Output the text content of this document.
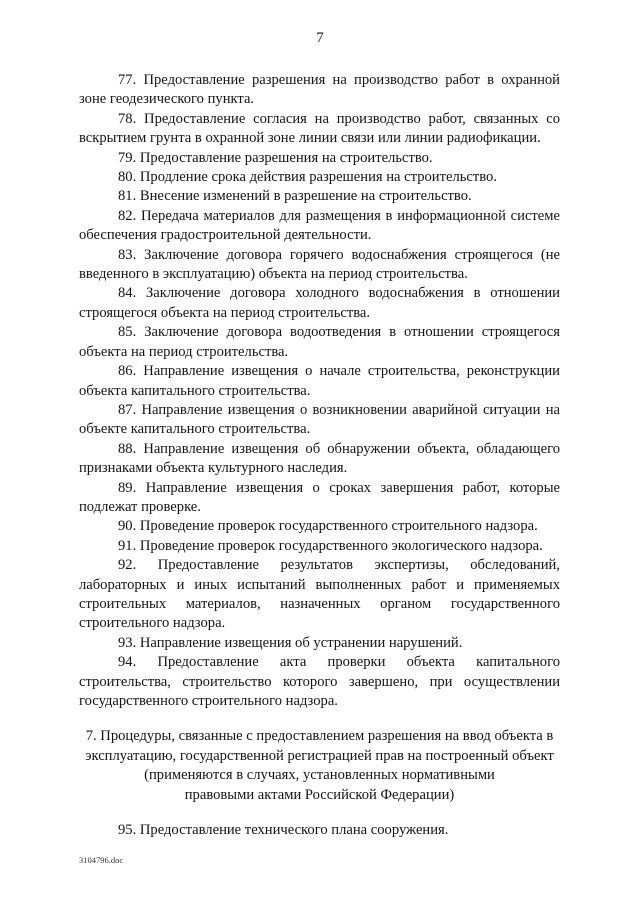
7

77. Предоставление разрешения на производство работ в охранной зоне геодезического пункта.

78. Предоставление согласия на производство работ, связанных со вскрытием грунта в охранной зоне линии связи или линии радиофикации.

79. Предоставление разрешения на строительство.

80. Продление срока действия разрешения на строительство.

81. Внесение изменений в разрешение на строительство.

82. Передача материалов для размещения в информационной системе обеспечения градостроительной деятельности.

83. Заключение договора горячего водоснабжения строящегося (не введенного в эксплуатацию) объекта на период строительства.

84. Заключение договора холодного водоснабжения в отношении строящегося объекта на период строительства.

85. Заключение договора водоотведения в отношении строящегося объекта на период строительства.

86. Направление извещения о начале строительства, реконструкции объекта капитального строительства.

87. Направление извещения о возникновении аварийной ситуации на объекте капитального строительства.

88. Направление извещения об обнаружении объекта, обладающего признаками объекта культурного наследия.

89. Направление извещения о сроках завершения работ, которые подлежат проверке.

90. Проведение проверок государственного строительного надзора.

91. Проведение проверок государственного экологического надзора.

92. Предоставление результатов экспертизы, обследований, лабораторных и иных испытаний выполненных работ и применяемых строительных материалов, назначенных органом государственного строительного надзора.

93. Направление извещения об устранении нарушений.

94. Предоставление акта проверки объекта капитального строительства, строительство которого завершено, при осуществлении государственного строительного надзора.

7. Процедуры, связанные с предоставлением разрешения на ввод объекта в
эксплуатацию, государственной регистрацией прав на построенный объект
(применяются в случаях, установленных нормативными
правовыми актами Российской Федерации)

95. Предоставление технического плана сооружения.

3104796.doc
